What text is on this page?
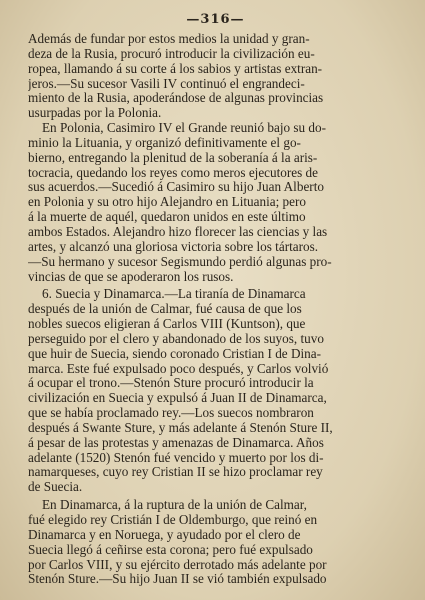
—316—
Además de fundar por estos medios la unidad y gran-
deza de la Rusia, procuró introducir la civilización eu-
ropea, llamando á su corte á los sabios y artistas extran-
jeros.—Su sucesor Vasili IV continuó el engrandeci-
miento de la Rusia, apoderándose de algunas provincias
usurpadas por la Polonia.
En Polonia, Casimiro IV el Grande reunió bajo su do-
minio la Lituania, y organizó definitivamente el go-
bierno, entregando la plenitud de la soberanía á la aris-
tocracia, quedando los reyes como meros ejecutores de
sus acuerdos.—Sucedió á Casimiro su hijo Juan Alberto
en Polonia y su otro hijo Alejandro en Lituania; pero
á la muerte de aquél, quedaron unidos en este último
ambos Estados. Alejandro hizo florecer las ciencias y las
artes, y alcanzó una gloriosa victoria sobre los tártaros.
—Su hermano y sucesor Segismundo perdió algunas pro-
vincias de que se apoderaron los rusos.
6. Suecia y Dinamarca.—La tiranía de Dinamarca
después de la unión de Calmar, fué causa de que los
nobles suecos eligieran á Carlos VIII (Kuntson), que
perseguido por el clero y abandonado de los suyos, tuvo
que huir de Suecia, siendo coronado Cristian I de Dina-
marca. Este fué expulsado poco después, y Carlos volvió
á ocupar el trono.—Stenón Sture procuró introducir la
civilización en Suecia y expulsó á Juan II de Dinamarca,
que se había proclamado rey.—Los suecos nombraron
después á Swante Sture, y más adelante á Stenón Sture II,
á pesar de las protestas y amenazas de Dinamarca. Años
adelante (1520) Stenón fué vencido y muerto por los di-
namarqueses, cuyo rey Cristian II se hizo proclamar rey
de Suecia.
En Dinamarca, á la ruptura de la unión de Calmar,
fué elegido rey Cristián I de Oldemburgo, que reinó en
Dinamarca y en Noruega, y ayudado por el clero de
Suecia llegó á ceñirse esta corona; pero fué expulsado
por Carlos VIII, y su ejército derrotado más adelante por
Stenón Sture.—Su hijo Juan II se vió también expulsado
